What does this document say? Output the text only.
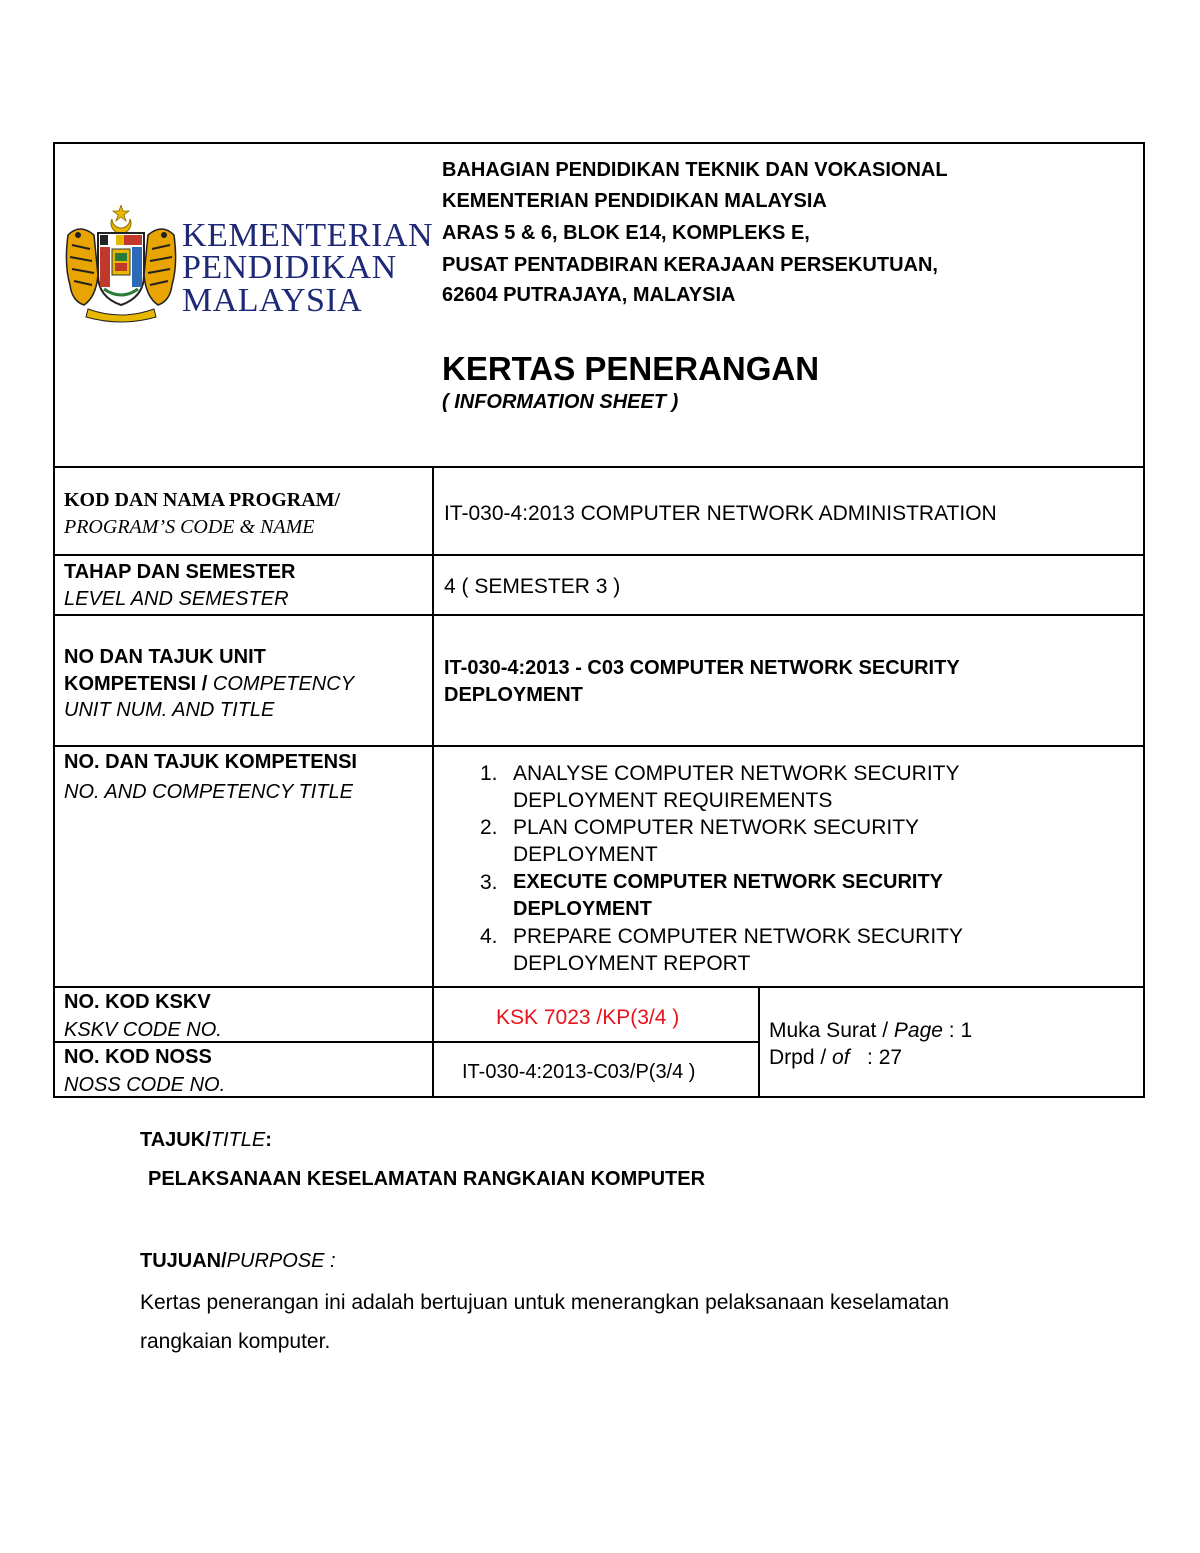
KEMENTERIAN
PENDIDIKAN
MALAYSIA
BAHAGIAN PENDIDIKAN TEKNIK DAN VOKASIONAL
KEMENTERIAN PENDIDIKAN MALAYSIA
ARAS 5 & 6, BLOK E14, KOMPLEKS E,
PUSAT PENTADBIRAN KERAJAAN PERSEKUTUAN,
62604 PUTRAJAYA, MALAYSIA
KERTAS PENERANGAN
( INFORMATION SHEET )
KOD DAN NAMA PROGRAM/
PROGRAM’S CODE & NAME
IT-030-4:2013 COMPUTER NETWORK ADMINISTRATION
TAHAP DAN SEMESTER
LEVEL AND SEMESTER
4 ( SEMESTER 3 )
NO DAN TAJUK UNIT
KOMPETENSI / COMPETENCY
UNIT NUM. AND TITLE
IT-030-4:2013 - C03 COMPUTER NETWORK SECURITY
DEPLOYMENT
NO. DAN TAJUK KOMPETENSI
NO. AND COMPETENCY TITLE
1. ANALYSE COMPUTER NETWORK SECURITY
DEPLOYMENT REQUIREMENTS
2. PLAN COMPUTER NETWORK SECURITY
DEPLOYMENT
3. EXECUTE COMPUTER NETWORK SECURITY
DEPLOYMENT
4. PREPARE COMPUTER NETWORK SECURITY
DEPLOYMENT REPORT
NO. KOD KSKV
KSKV CODE NO.
KSK 7023 /KP(3/4 )
NO. KOD NOSS
NOSS CODE NO.
IT-030-4:2013-C03/P(3/4 )
Muka Surat / Page : 1
Drpd / of   : 27
TAJUK/TITLE:
PELAKSANAAN KESELAMATAN RANGKAIAN KOMPUTER
TUJUAN/PURPOSE :
Kertas penerangan ini adalah bertujuan untuk menerangkan pelaksanaan keselamatan
rangkaian komputer.
